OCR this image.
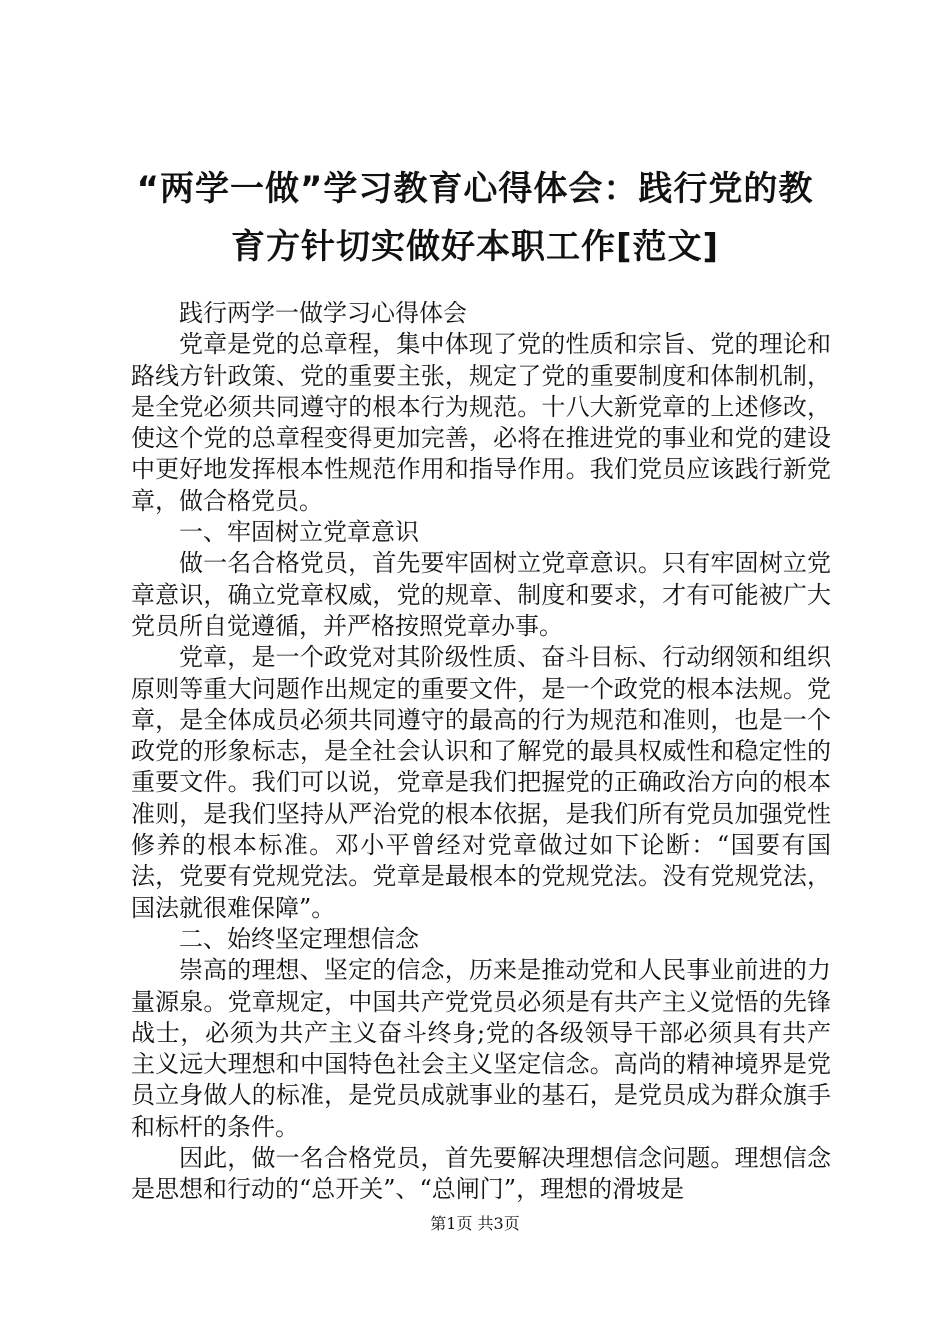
“两学一做”学习教育心得体会：践行党的教
育方针切实做好本职工作[范文]

践行两学一做学习心得体会

党章是党的总章程，集中体现了党的性质和宗旨、党的理论和路线方针政策、党的重要主张，规定了党的重要制度和体制机制，是全党必须共同遵守的根本行为规范。十八大新党章的上述修改，使这个党的总章程变得更加完善，必将在推进党的事业和党的建设中更好地发挥根本性规范作用和指导作用。我们党员应该践行新党章，做合格党员。

一、牢固树立党章意识

做一名合格党员，首先要牢固树立党章意识。只有牢固树立党章意识，确立党章权威，党的规章、制度和要求，才有可能被广大党员所自觉遵循，并严格按照党章办事。

党章，是一个政党对其阶级性质、奋斗目标、行动纲领和组织原则等重大问题作出规定的重要文件，是一个政党的根本法规。党章，是全体成员必须共同遵守的最高的行为规范和准则，也是一个政党的形象标志，是全社会认识和了解党的最具权威性和稳定性的重要文件。我们可以说，党章是我们把握党的正确政治方向的根本准则，是我们坚持从严治党的根本依据，是我们所有党员加强党性修养的根本标准。邓小平曾经对党章做过如下论断：“国要有国法，党要有党规党法。党章是最根本的党规党法。没有党规党法，国法就很难保障”。

二、始终坚定理想信念

崇高的理想、坚定的信念，历来是推动党和人民事业前进的力量源泉。党章规定，中国共产党党员必须是有共产主义觉悟的先锋战士，必须为共产主义奋斗终身;党的各级领导干部必须具有共产主义远大理想和中国特色社会主义坚定信念。高尚的精神境界是党员立身做人的标准，是党员成就事业的基石，是党员成为群众旗手和标杆的条件。

因此，做一名合格党员，首先要解决理想信念问题。理想信念是思想和行动的“总开关”、“总闸门”，理想的滑坡是

第1页 共3页
